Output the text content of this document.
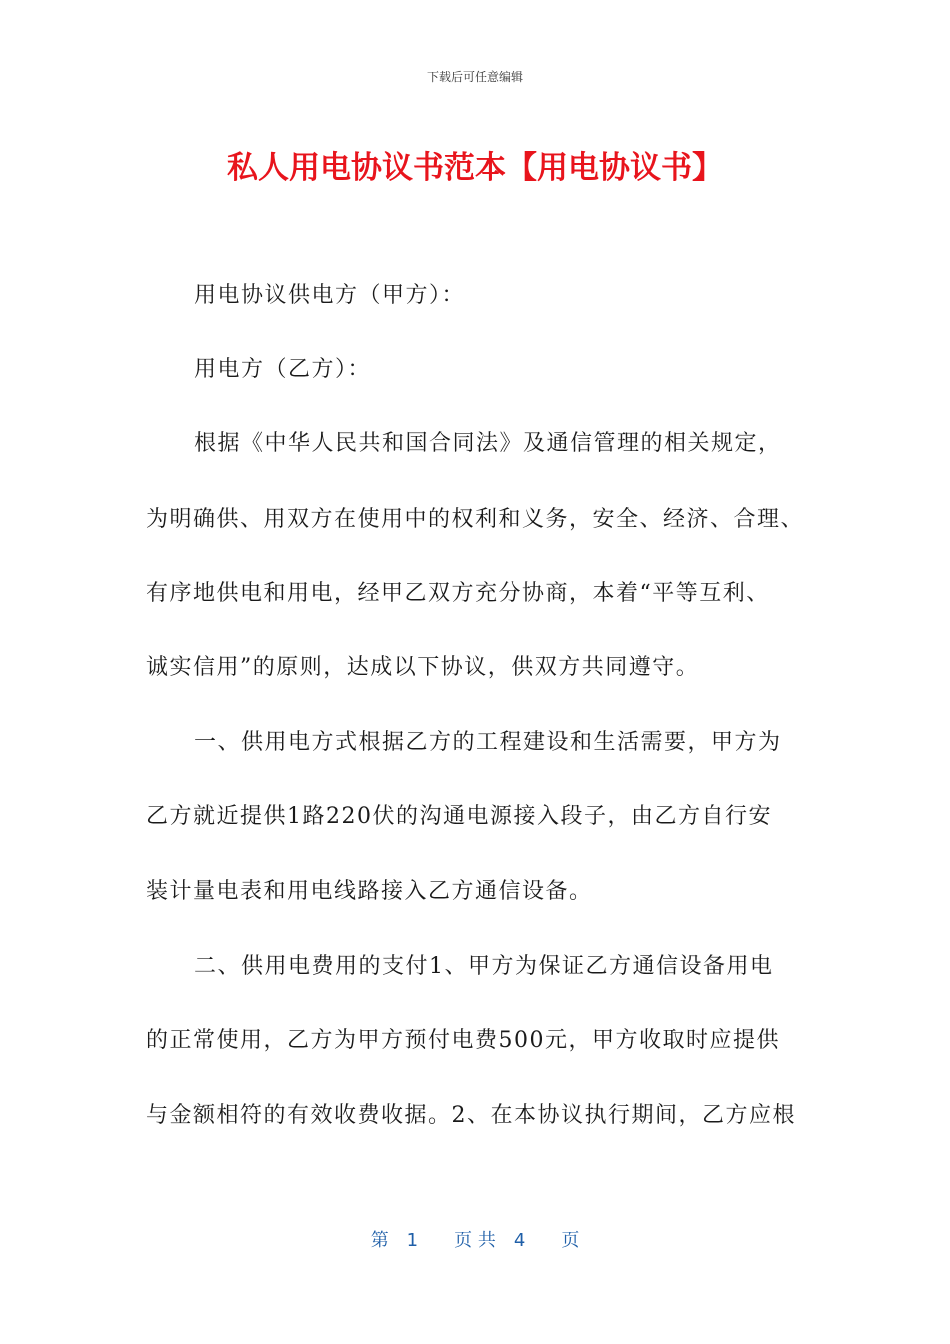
下载后可任意编辑
私人用电协议书范本【用电协议书】
用电协议供电方（甲方）：
用电方（乙方）：
根据《中华人民共和国合同法》及通信管理的相关规定，
为明确供、用双方在使用中的权利和义务，安全、经济、合理、
有序地供电和用电，经甲乙双方充分协商，本着“平等互利、
诚实信用”的原则，达成以下协议，供双方共同遵守。
一、供用电方式根据乙方的工程建设和生活需要，甲方为
乙方就近提供1路220伏的沟通电源接入段子，由乙方自行安
装计量电表和用电线路接入乙方通信设备。
二、供用电费用的支付1、甲方为保证乙方通信设备用电
的正常使用，乙方为甲方预付电费500元，甲方收取时应提供
与金额相符的有效收费收据。2、在本协议执行期间，乙方应根
第　1　　页 共　4　　页
